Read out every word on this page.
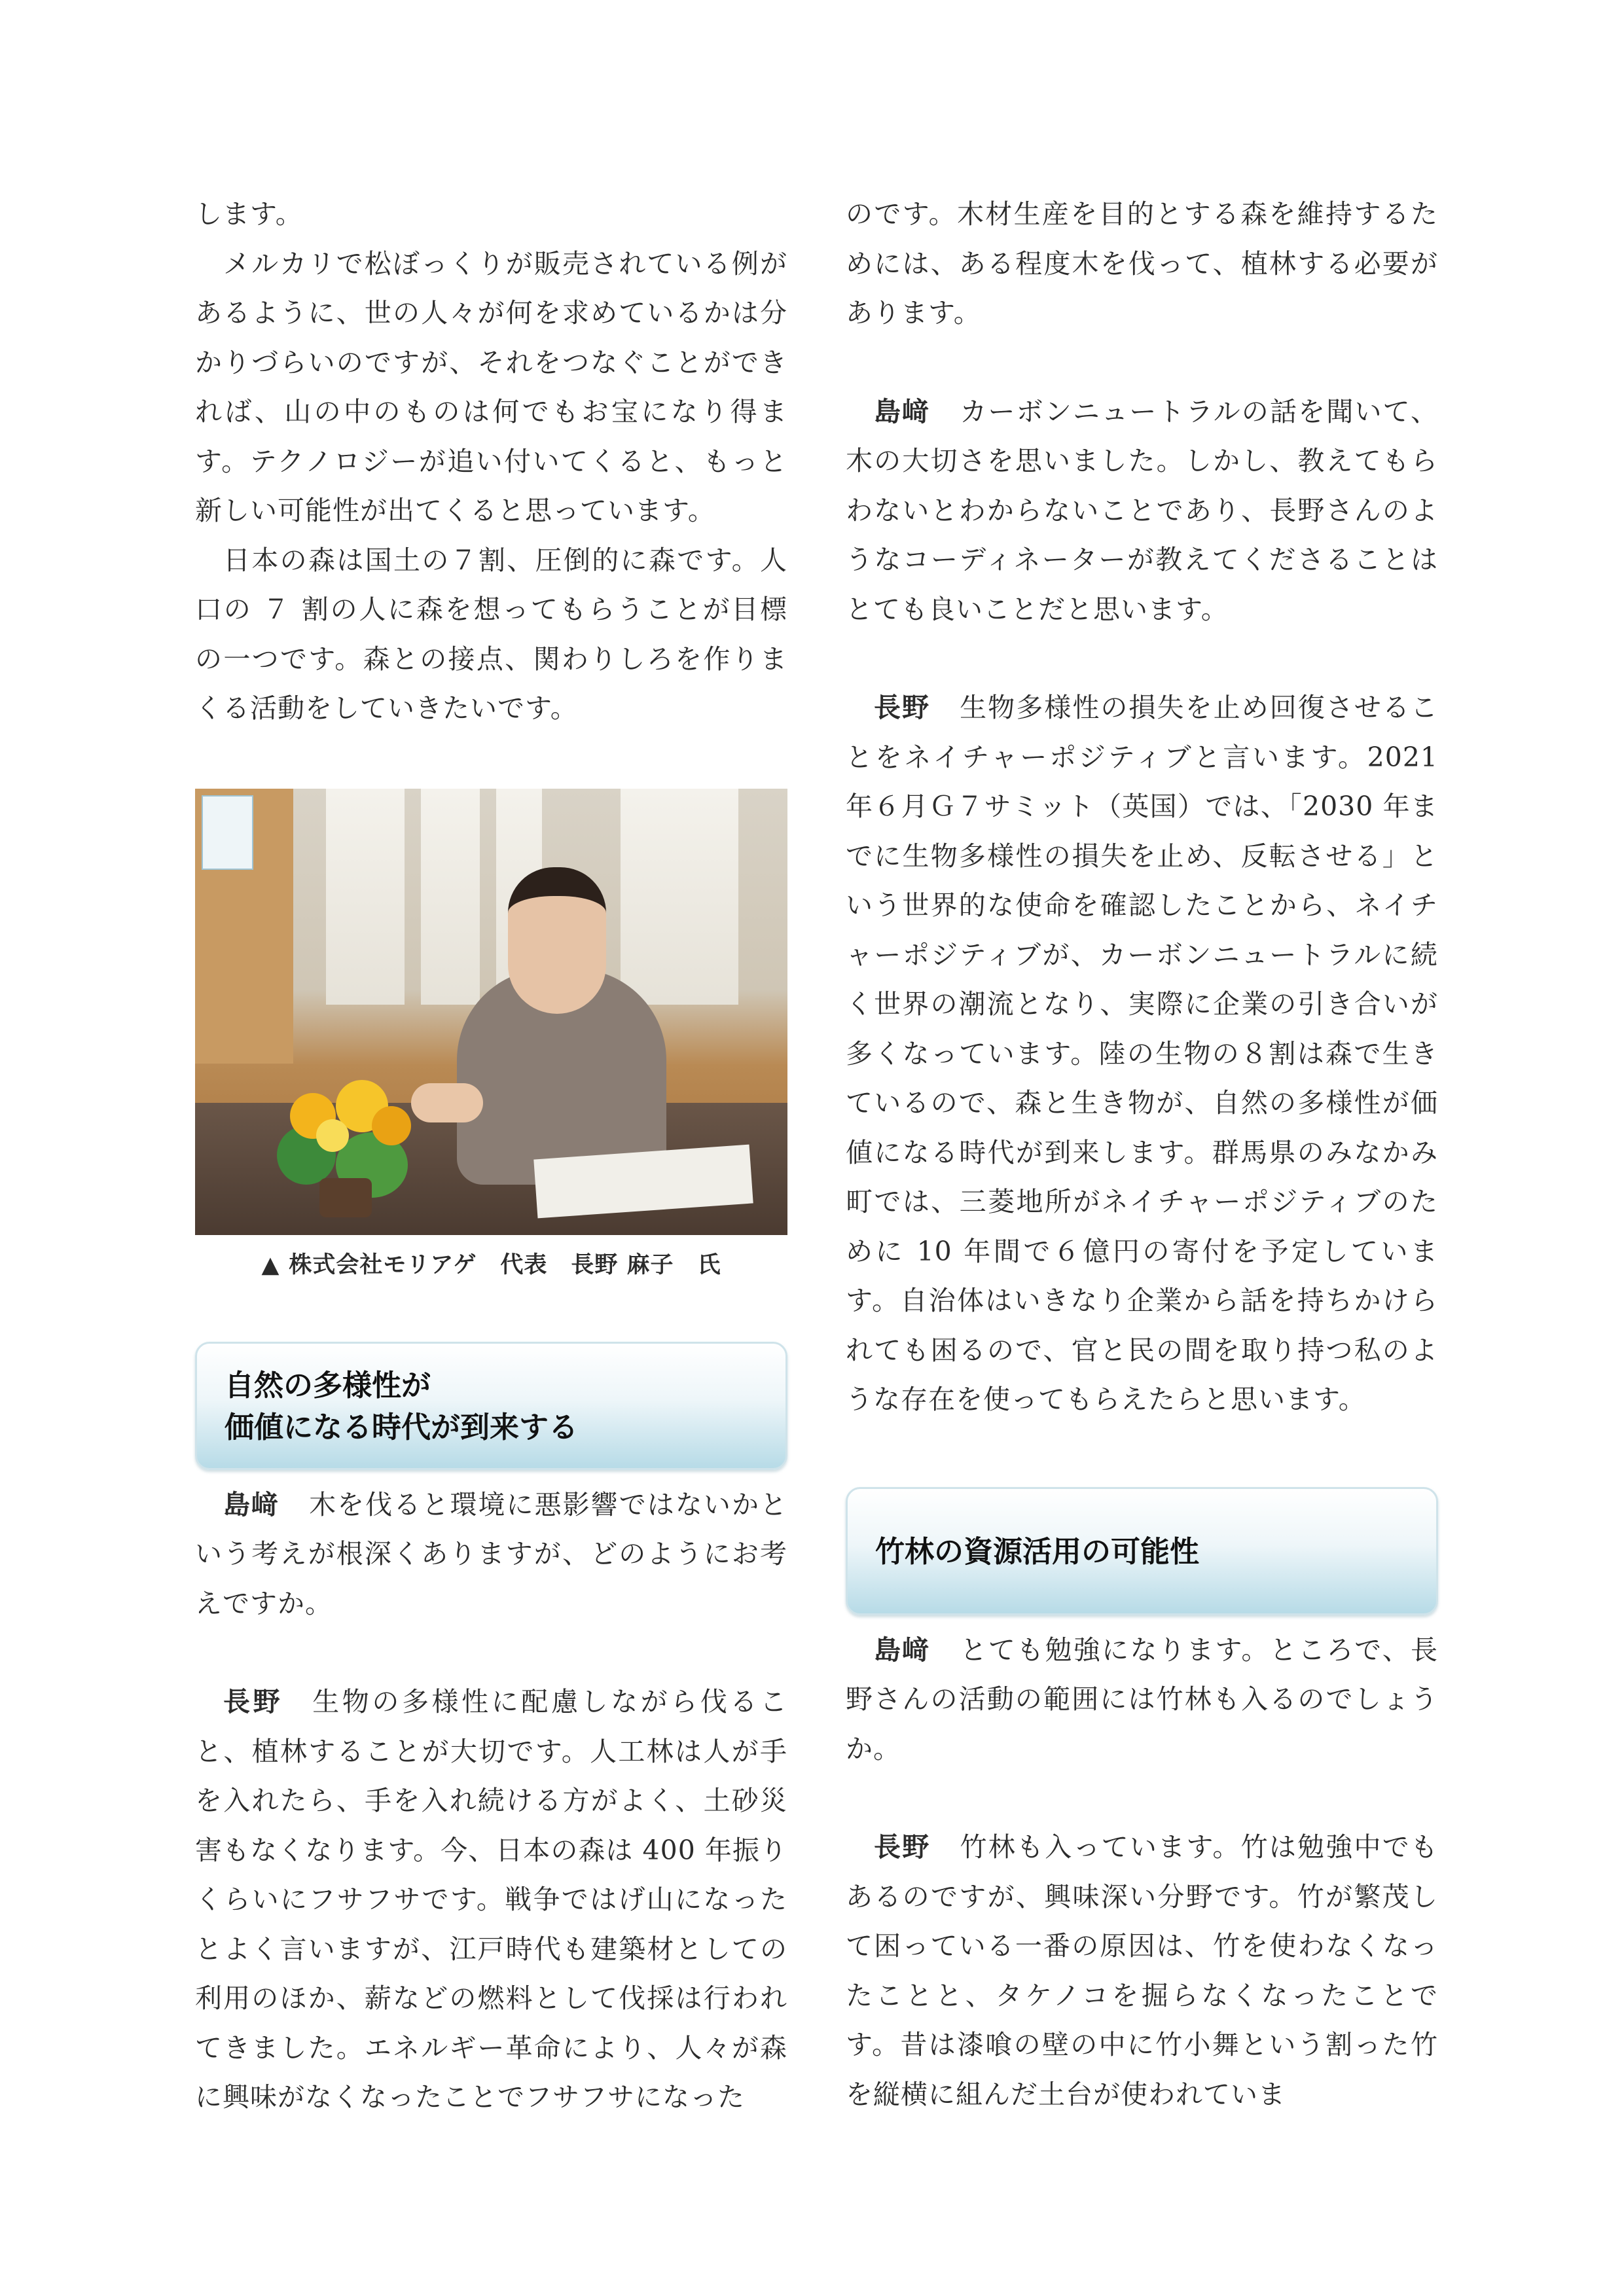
します。

メルカリで松ぼっくりが販売されている例があるように、世の人々が何を求めているかは分かりづらいのですが、それをつなぐことができれば、山の中のものは何でもお宝になり得ます。テクノロジーが追い付いてくると、もっと新しい可能性が出てくると思っています。

日本の森は国土の７割、圧倒的に森です。人口の ７ 割の人に森を想ってもらうことが目標の一つです。森との接点、関わりしろを作りまくる活動をしていきたいです。

▲ 株式会社モリアゲ　代表　長野 麻子　氏
自然の多様性が
価値になる時代が到来する

島﨑 木を伐ると環境に悪影響ではないかという考えが根深くありますが、どのようにお考えですか。

長野 生物の多様性に配慮しながら伐ること、植林することが大切です。人工林は人が手を入れたら、手を入れ続ける方がよく、土砂災害もなくなります。今、日本の森は 400 年振りくらいにフサフサです。戦争ではげ山になったとよく言いますが、江戸時代も建築材としての利用のほか、薪などの燃料として伐採は行われてきました。エネルギー革命により、人々が森に興味がなくなったことでフサフサになった

のです。木材生産を目的とする森を維持するためには、ある程度木を伐って、植林する必要があります。

島﨑 カーボンニュートラルの話を聞いて、木の大切さを思いました。しかし、教えてもらわないとわからないことであり、長野さんのようなコーディネーターが教えてくださることはとても良いことだと思います。

長野 生物多様性の損失を止め回復させることをネイチャーポジティブと言います。2021 年６月Ｇ７サミット（英国）では、「2030 年までに生物多様性の損失を止め、反転させる」という世界的な使命を確認したことから、ネイチャーポジティブが、カーボンニュートラルに続く世界の潮流となり、実際に企業の引き合いが多くなっています。陸の生物の８割は森で生きているので、森と生き物が、自然の多様性が価値になる時代が到来します。群馬県のみなかみ町では、三菱地所がネイチャーポジティブのために 10 年間で６億円の寄付を予定しています。自治体はいきなり企業から話を持ちかけられても困るので、官と民の間を取り持つ私のような存在を使ってもらえたらと思います。

竹林の資源活用の可能性

島﨑 とても勉強になります。ところで、長野さんの活動の範囲には竹林も入るのでしょうか。

長野 竹林も入っています。竹は勉強中でもあるのですが、興味深い分野です。竹が繁茂して困っている一番の原因は、竹を使わなくなったことと、タケノコを掘らなくなったことです。昔は漆喰の壁の中に竹小舞という割った竹を縦横に組んだ土台が使われていま
